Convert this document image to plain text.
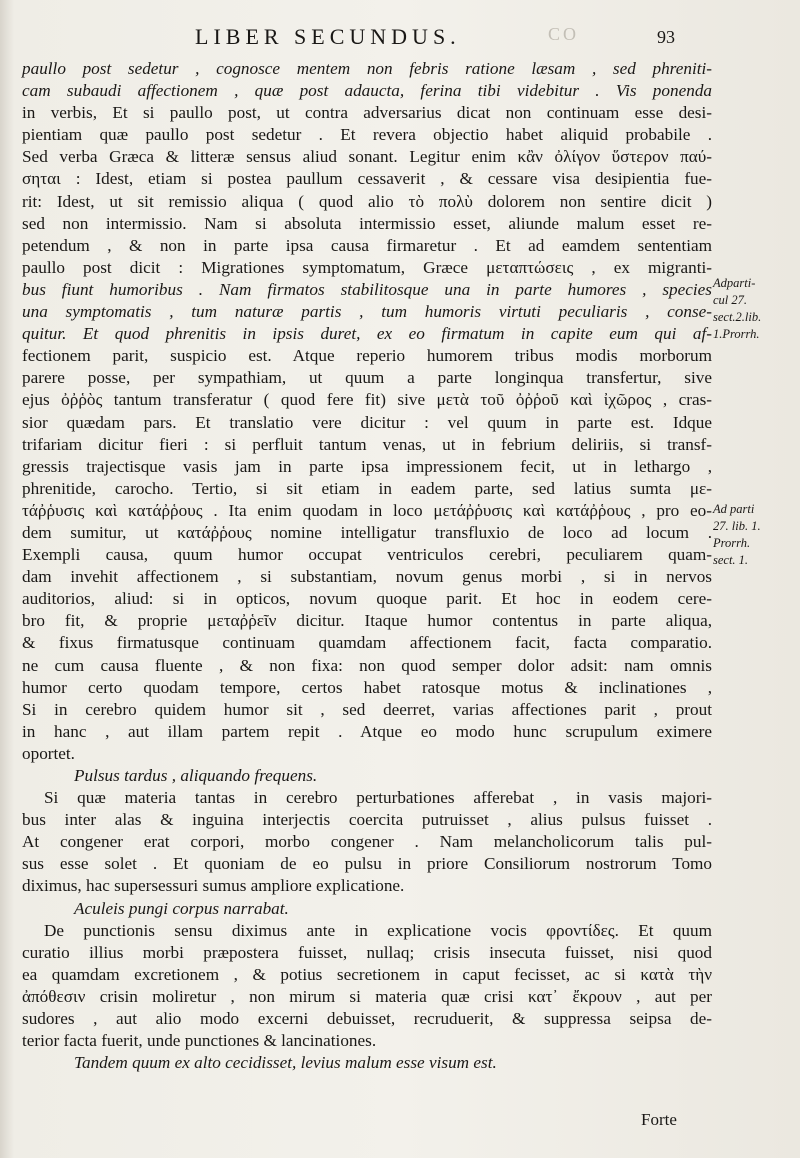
LIBER SECUNDUS.	CO	93
paullo post sedetur , cognosce mentem non febris ratione læsam , sed phreniti-
cam subaudi affectionem , quæ post adaucta, ferina tibi videbitur . Vis ponenda
in verbis, Et si paullo post, ut contra adversarius dicat non continuam esse desi-
pientiam quæ paullo post sedetur . Et revera objectio habet aliquid probabile .
Sed verba Græca & litteræ sensus aliud sonant. Legitur enim κἂν ὀλίγον ὕστερον παύ-
σηται : Idest, etiam si postea paullum cessaverit , & cessare visa desipientia fue-
rit: Idest, ut sit remissio aliqua ( quod alio τὸ πολὺ dolorem non sentire dicit )
sed non intermissio. Nam si absoluta intermissio esset, aliunde malum esset re-
petendum , & non in parte ipsa causa firmaretur . Et ad eamdem sententiam
paullo post dicit : Migrationes symptomatum, Græce μεταπτώσεις , ex migranti-
bus fiunt humoribus . Nam firmatos stabilitosque una in parte humores , species
una symptomatis , tum naturæ partis , tum humoris virtuti peculiaris , conse-
quitur. Et quod phrenitis in ipsis duret, ex eo firmatum in capite eum qui af-
fectionem parit, suspicio est. Atque reperio humorem tribus modis morborum
parere posse, per sympathiam, ut quum a parte longinqua transfertur, sive
ejus ὀῤῥὸς tantum transferatur ( quod fere fit) sive μετὰ τοῦ ὀῤῥοῦ καὶ ἰχῶρος , cras-
sior quædam pars. Et translatio vere dicitur : vel quum in parte est. Idque
trifariam dicitur fieri : si perfluit tantum venas, ut in febrium deliriis, si transf-
gressis trajectisque vasis jam in parte ipsa impressionem fecit, ut in lethargo ,
phrenitide, carocho. Tertio, si sit etiam in eadem parte, sed latius sumta με-
τάῤῥυσις καὶ κατάῤῥους . Ita enim quodam in loco μετάῤῥυσις καὶ κατάῤῥους , pro eo-
dem sumitur, ut κατάῤῥους nomine intelligatur transfluxio de loco ad locum .
Exempli causa, quum humor occupat ventriculos cerebri, peculiarem quam-
dam invehit affectionem , si substantiam, novum genus morbi , si in nervos
auditorios, aliud: si in opticos, novum quoque parit. Et hoc in eodem cere-
bro fit, & proprie μεταῤῥεῖν dicitur. Itaque humor contentus in parte aliqua,
& fixus firmatusque continuam quamdam affectionem facit, facta comparatio.
ne cum causa fluente , & non fixa: non quod semper dolor adsit: nam omnis
humor certo quodam tempore, certos habet ratosque motus & inclinationes ,
Si in cerebro quidem humor sit , sed deerret, varias affectiones parit , prout
in hanc , aut illam partem repit . Atque eo modo hunc scrupulum eximere
oportet.
Pulsus tardus , aliquando frequens.
Si quæ materia tantas in cerebro perturbationes afferebat , in vasis majori-
bus inter alas & inguina interjectis coercita putruisset , alius pulsus fuisset .
At congener erat corpori, morbo congener . Nam melancholicorum talis pul-
sus esse solet . Et quoniam de eo pulsu in priore Consiliorum nostrorum Tomo
diximus, hac supersessuri sumus ampliore explicatione.
Aculeis pungi corpus narrabat.
De punctionis sensu diximus ante in explicatione vocis φροντίδες. Et quum
curatio illius morbi præpostera fuisset, nullaq; crisis insecuta fuisset, nisi quod
ea quamdam excretionem , & potius secretionem in caput fecisset, ac si κατὰ τὴν
ἀπόθεσιν crisin moliretur , non mirum si materia quæ crisi κατ᾽ ἔκρουν , aut per
sudores , aut alio modo excerni debuisset, recruduerit, & suppressa seipsa de-
terior facta fuerit, unde punctiones & lancinationes.
Tandem quum ex alto cecidisset, levius malum esse visum est.
Adparti-
cul 27.
sect.2.lib.
1.Prorrh.
Ad parti
27. lib. 1.
Prorrh.
sect. 1.
Forte
